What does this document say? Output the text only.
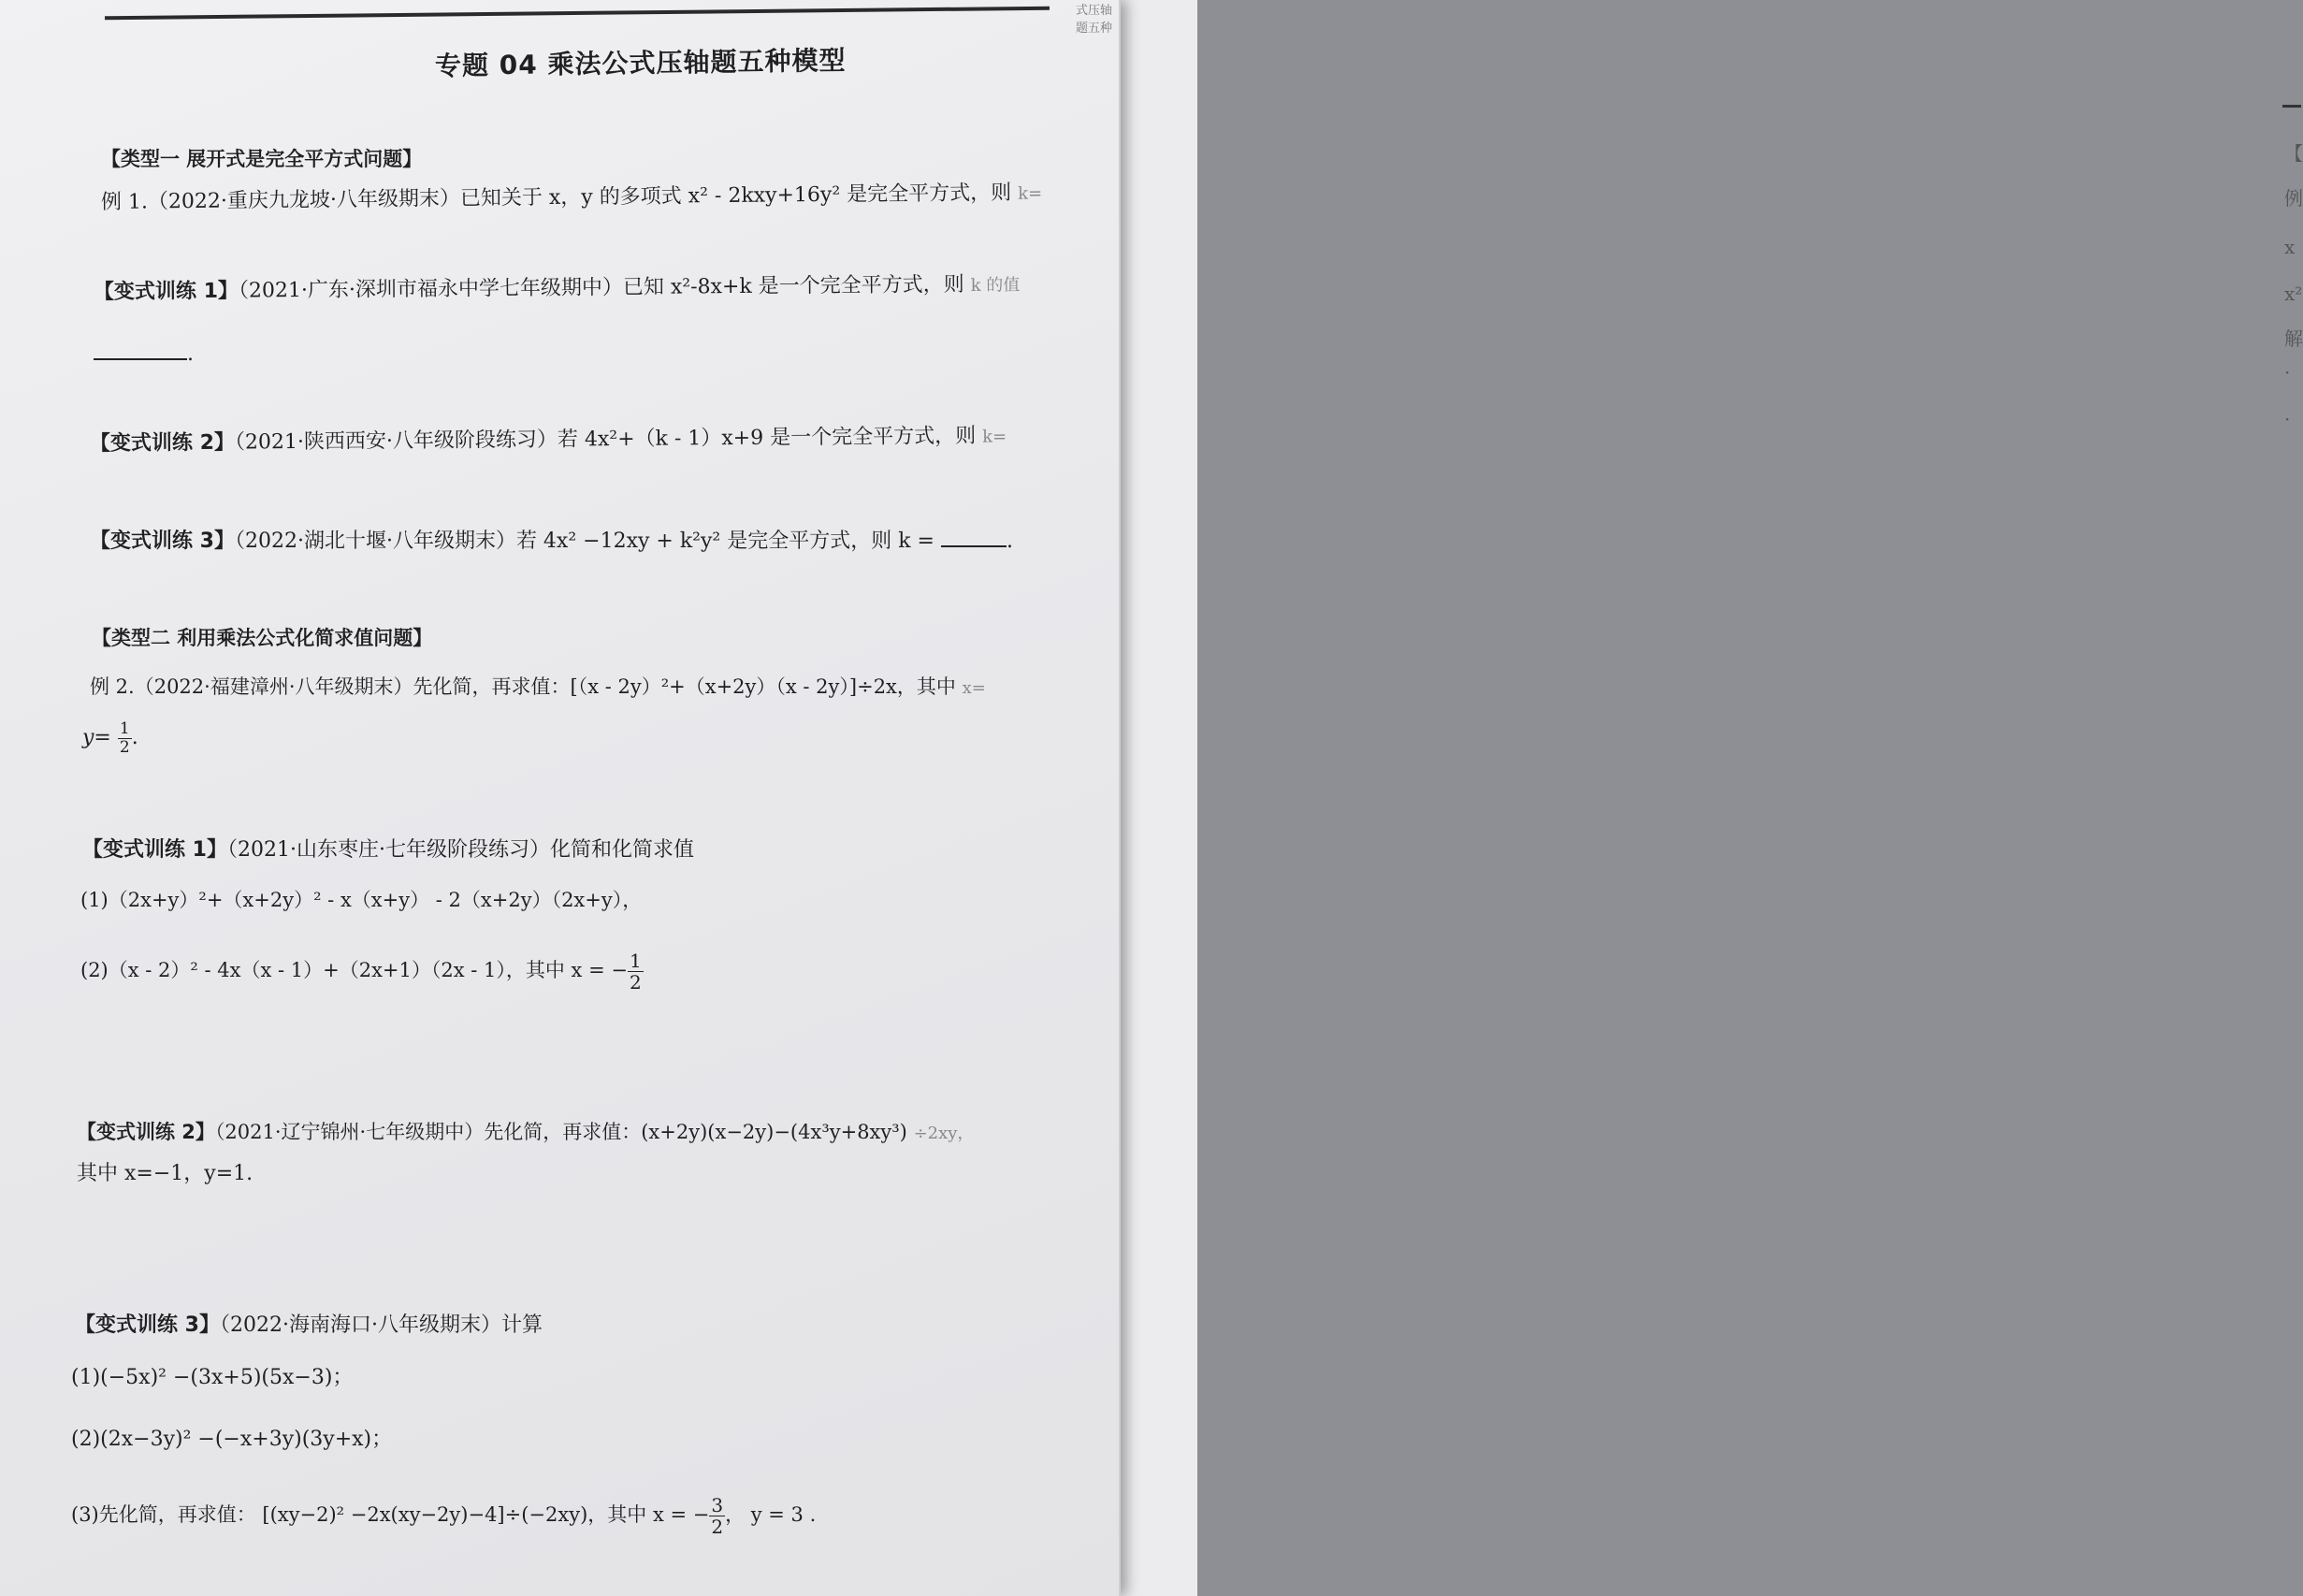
【
例
x
x²
解
·
·
式压轴题五种
专题 04 乘法公式压轴题五种模型
【类型一 展开式是完全平方式问题】
例 1.（2022·重庆九龙坡·八年级期末）已知关于 x，y 的多项式 x² - 2kxy+16y² 是完全平方式，则 k=
【变式训练 1】（2021·广东·深圳市福永中学七年级期中）已知 x²-8x+k 是一个完全平方式，则 k 的值
.
【变式训练 2】（2021·陕西西安·八年级阶段练习）若 4x²+（k - 1）x+9 是一个完全平方式，则 k=
【变式训练 3】（2022·湖北十堰·八年级期末）若 4x² −12xy + k²y² 是完全平方式，则 k =	.
【类型二 利用乘法公式化简求值问题】
例 2.（2022·福建漳州·八年级期末）先化简，再求值：[（x - 2y）²+（x+2y）（x - 2y）]÷2x，其中 x=
$y= \frac{1}{2}$ .
【变式训练 1】（2021·山东枣庄·七年级阶段练习）化简和化简求值
(1)（2x+y）²+（x+2y）² - x（x+y） - 2（x+2y）（2x+y），
(2)（x - 2）² - 4x（x - 1）+（2x+1）（2x - 1），其中 x = − $\frac{1}{2}$
【变式训练 2】（2021·辽宁锦州·七年级期中）先化简，再求值：(x+2y)(x−2y)−(4x³y+8xy³) ÷2xy，
其中 x=−1，y=1.
【变式训练 3】（2022·海南海口·八年级期末）计算
(1)(−5x)² −(3x+5)(5x−3)；
(2)(2x−3y)² −(−x+3y)(3y+x)；
(3)先化简，再求值： [(xy−2)² −2x(xy−2y)−4]÷(−2xy)，其中 x = − $\frac{3}{2}$ ， y = 3 .
